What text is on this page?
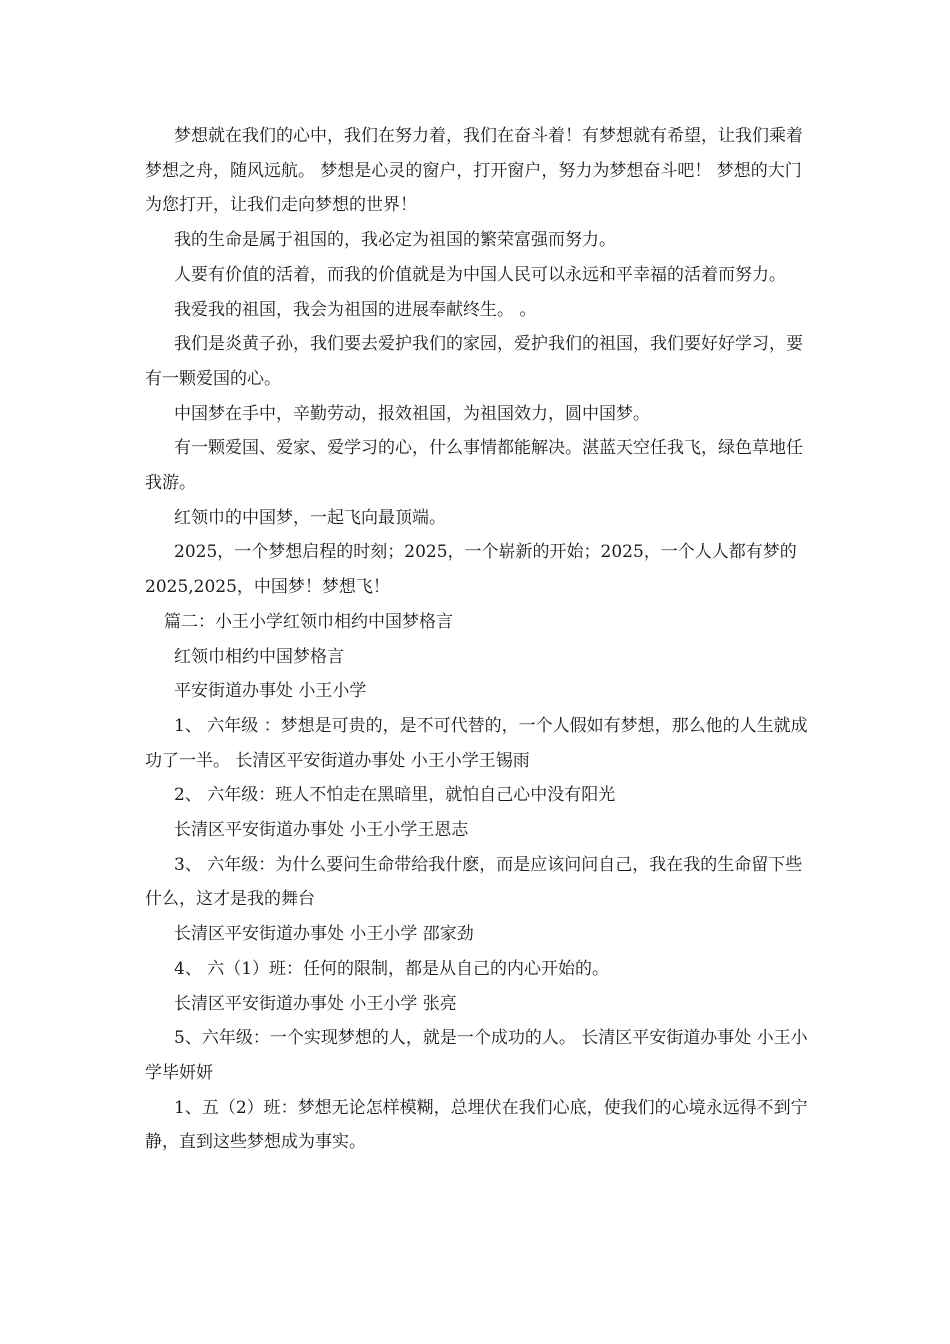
梦想就在我们的心中，我们在努力着，我们在奋斗着！有梦想就有希望，让我们乘着梦想之舟，随风远航。 梦想是心灵的窗户，打开窗户，努力为梦想奋斗吧！ 梦想的大门为您打开，让我们走向梦想的世界！

我的生命是属于祖国的，我必定为祖国的繁荣富强而努力。

人要有价值的活着，而我的价值就是为中国人民可以永远和平幸福的活着而努力。

我爱我的祖国，我会为祖国的进展奉献终生。 。

我们是炎黄子孙，我们要去爱护我们的家园，爱护我们的祖国，我们要好好学习，要有一颗爱国的心。

中国梦在手中，辛勤劳动，报效祖国，为祖国效力，圆中国梦。

有一颗爱国、爱家、爱学习的心，什么事情都能解决。湛蓝天空任我飞，绿色草地任我游。

红领巾的中国梦，一起飞向最顶端。

2025，一个梦想启程的时刻；2025，一个崭新的开始；2025，一个人人都有梦的 2025,2025，中国梦！梦想飞！

篇二：小王小学红领巾相约中国梦格言

红领巾相约中国梦格言

平安街道办事处 小王小学

1、 六年级 ：梦想是可贵的，是不可代替的，一个人假如有梦想，那么他的人生就成功了一半。 长清区平安街道办事处 小王小学王锡雨

2、 六年级：班人不怕走在黑暗里，就怕自己心中没有阳光

长清区平安街道办事处 小王小学王恩志

3、 六年级：为什么要问生命带给我什麽，而是应该问问自己，我在我的生命留下些什么，这才是我的舞台

长清区平安街道办事处 小王小学 邵家劲

4、 六（1）班：任何的限制，都是从自己的内心开始的。

长清区平安街道办事处 小王小学 张亮

5、六年级：一个实现梦想的人，就是一个成功的人。 长清区平安街道办事处 小王小学毕妍妍

1、五（2）班：梦想无论怎样模糊，总埋伏在我们心底，使我们的心境永远得不到宁静，直到这些梦想成为事实。
